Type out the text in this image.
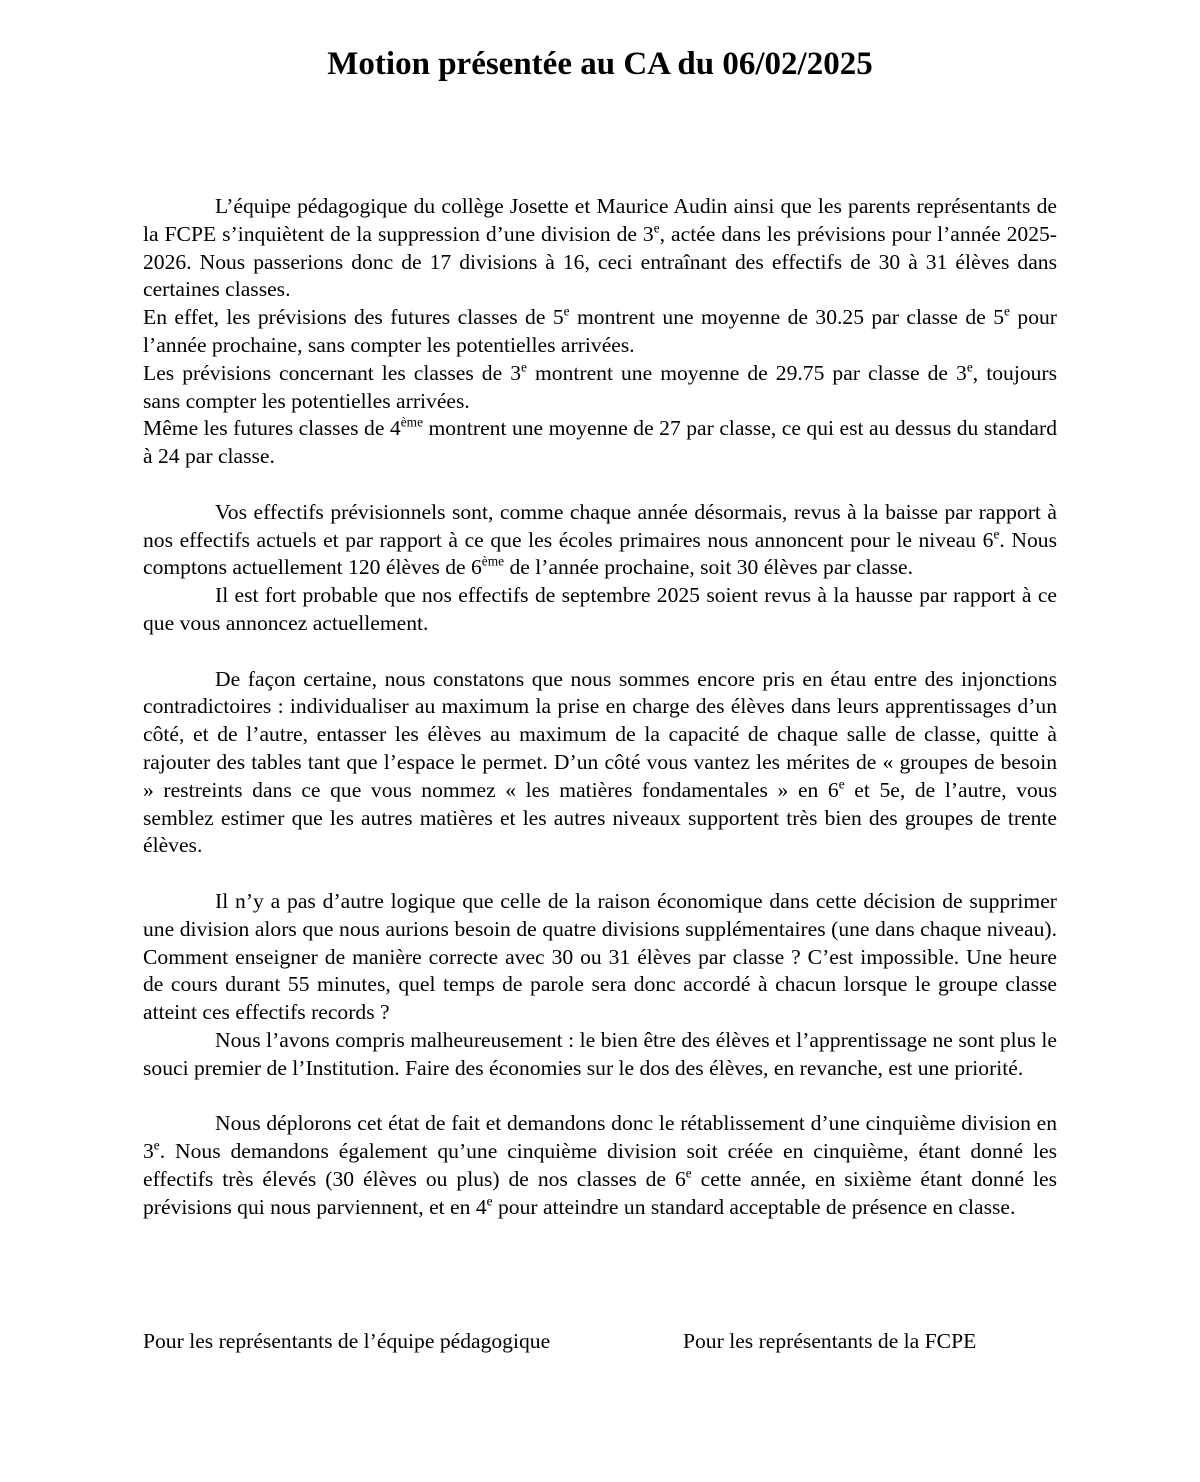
Motion présentée au CA du 06/02/2025

L’équipe pédagogique du collège Josette et Maurice Audin ainsi que les parents représentants de la FCPE s’inquiètent de la suppression d’une division de 3e, actée dans les prévisions pour l’année 2025-2026. Nous passerions donc de 17 divisions à 16, ceci entraînant des effectifs de 30 à 31 élèves dans certaines classes.

En effet, les prévisions des futures classes de 5e montrent une moyenne de 30.25 par classe de 5e pour l’année prochaine, sans compter les potentielles arrivées.

Les prévisions concernant les classes de 3e montrent une moyenne de 29.75 par classe de 3e, toujours sans compter les potentielles arrivées.

Même les futures classes de 4ème montrent une moyenne de 27 par classe, ce qui est au dessus du standard à 24 par classe.

Vos effectifs prévisionnels sont, comme chaque année désormais, revus à la baisse par rapport à nos effectifs actuels et par rapport à ce que les écoles primaires nous annoncent pour le niveau 6e. Nous comptons actuellement 120 élèves de 6ème de l’année prochaine, soit 30 élèves par classe.

Il est fort probable que nos effectifs de septembre 2025 soient revus à la hausse par rapport à ce que vous annoncez actuellement.

De façon certaine, nous constatons que nous sommes encore pris en étau entre des injonctions contradictoires : individualiser au maximum la prise en charge des élèves dans leurs apprentissages d’un côté, et de l’autre, entasser les élèves au maximum de la capacité de chaque salle de classe, quitte à rajouter des tables tant que l’espace le permet. D’un côté vous vantez les mérites de « groupes de besoin » restreints dans ce que vous nommez « les matières fondamentales » en 6e et 5e, de l’autre, vous semblez estimer que les autres matières et les autres niveaux supportent très bien des groupes de trente élèves.

Il n’y a pas d’autre logique que celle de la raison économique dans cette décision de supprimer une division alors que nous aurions besoin de quatre divisions supplémentaires (une dans chaque niveau). Comment enseigner de manière correcte avec 30 ou 31 élèves par classe ? C’est impossible. Une heure de cours durant 55 minutes, quel temps de parole sera donc accordé à chacun lorsque le groupe classe atteint ces effectifs records ?

Nous l’avons compris malheureusement : le bien être des élèves et l’apprentissage ne sont plus le souci premier de l’Institution. Faire des économies sur le dos des élèves, en revanche, est une priorité.

Nous déplorons cet état de fait et demandons donc le rétablissement d’une cinquième division en 3e. Nous demandons également qu’une cinquième division soit créée en cinquième, étant donné les effectifs très élevés (30 élèves ou plus) de nos classes de 6e cette année, en sixième étant donné les prévisions qui nous parviennent, et en 4e pour atteindre un standard acceptable de présence en classe.

Pour les représentants de l’équipe pédagogique	Pour les représentants de la FCPE
